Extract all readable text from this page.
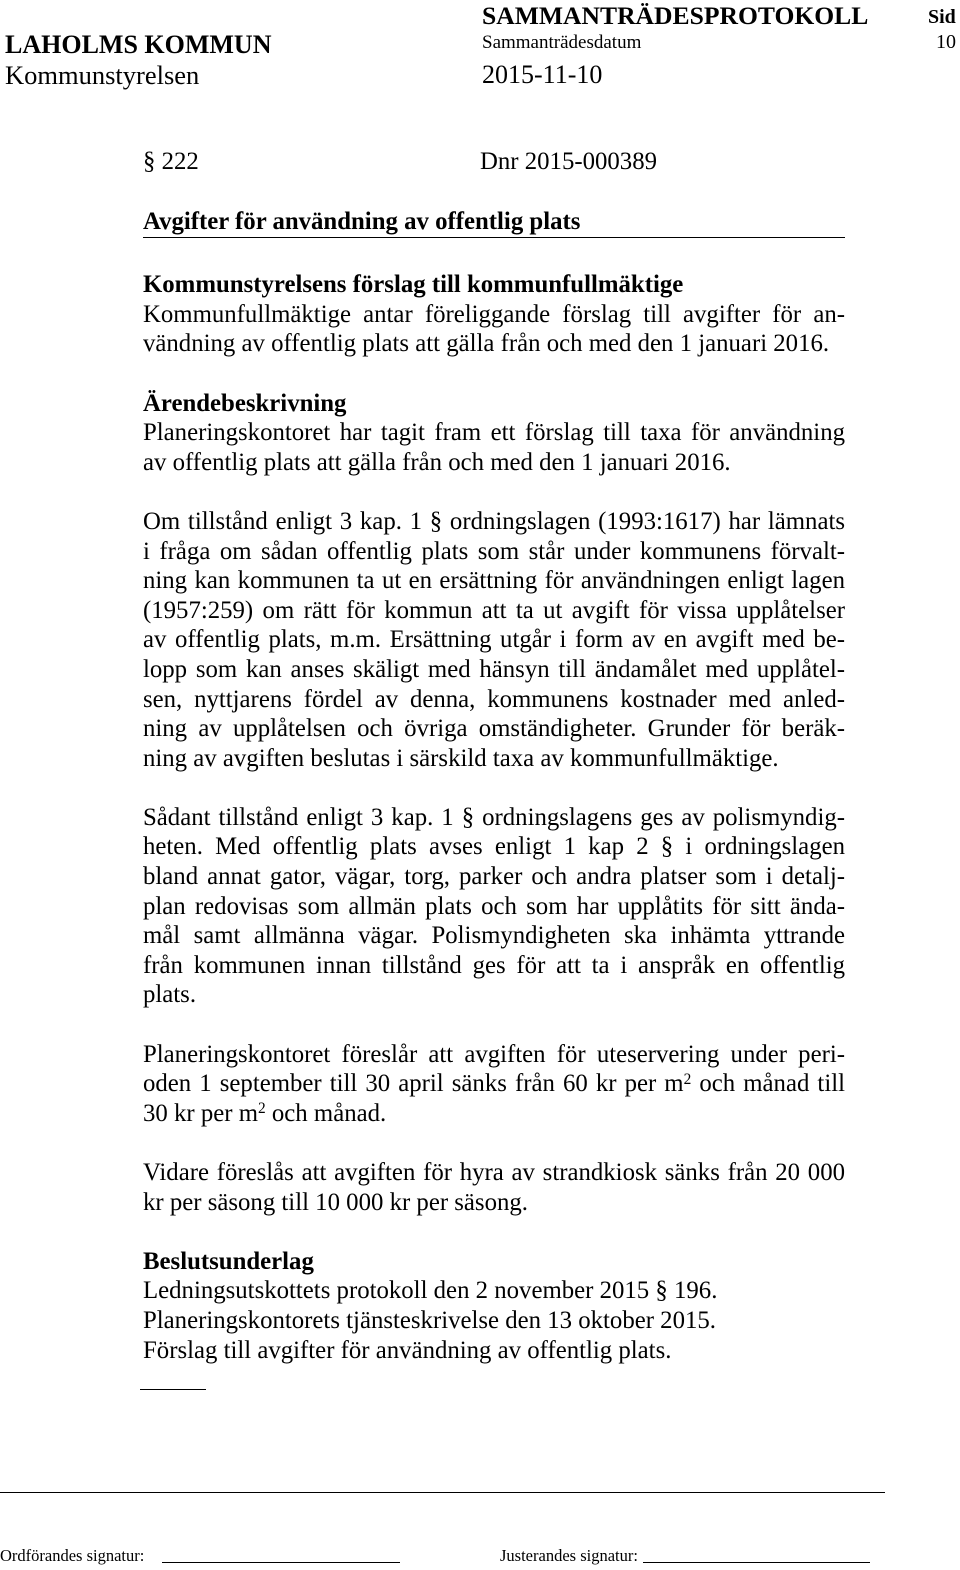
SAMMANTRÄDESPROTOKOLL	Sid
LAHOLMS KOMMUN	Sammanträdesdatum	10
Kommunstyrelsen	2015-11-10
§ 222	Dnr 2015-000389
Avgifter för användning av offentlig plats
Kommunstyrelsens förslag till kommunfullmäktige
Kommunfullmäktige antar föreliggande förslag till avgifter för an-
vändning av offentlig plats att gälla från och med den 1 januari 2016.
Ärendebeskrivning
Planeringskontoret har tagit fram ett förslag till taxa för användning
av offentlig plats att gälla från och med den 1 januari 2016.
Om tillstånd enligt 3 kap. 1 § ordningslagen (1993:1617) har lämnats
i fråga om sådan offentlig plats som står under kommunens förvalt-
ning kan kommunen ta ut en ersättning för användningen enligt lagen
(1957:259) om rätt för kommun att ta ut avgift för vissa upplåtelser
av offentlig plats, m.m. Ersättning utgår i form av en avgift med be-
lopp som kan anses skäligt med hänsyn till ändamålet med upplåtel-
sen, nyttjarens fördel av denna, kommunens kostnader med anled-
ning av upplåtelsen och övriga omständigheter. Grunder för beräk-
ning av avgiften beslutas i särskild taxa av kommunfullmäktige.
Sådant tillstånd enligt 3 kap. 1 § ordningslagens ges av polismyndig-
heten. Med offentlig plats avses enligt 1 kap 2 § i ordningslagen
bland annat gator, vägar, torg, parker och andra platser som i detalj-
plan redovisas som allmän plats och som har upplåtits för sitt ända-
mål samt allmänna vägar. Polismyndigheten ska inhämta yttrande
från kommunen innan tillstånd ges för att ta i anspråk en offentlig
plats.
Planeringskontoret föreslår att avgiften för uteservering under peri-
oden 1 september till 30 april sänks från 60 kr per $m^2$ och månad till
30 kr per $m^2$ och månad.
Vidare föreslås att avgiften för hyra av strandkiosk sänks från 20 000
kr per säsong till 10 000 kr per säsong.
Beslutsunderlag
Ledningsutskottets protokoll den 2 november 2015 § 196.
Planeringskontorets tjänsteskrivelse den 13 oktober 2015.
Förslag till avgifter för användning av offentlig plats.
Ordförandes signatur:	Justerandes signatur:
